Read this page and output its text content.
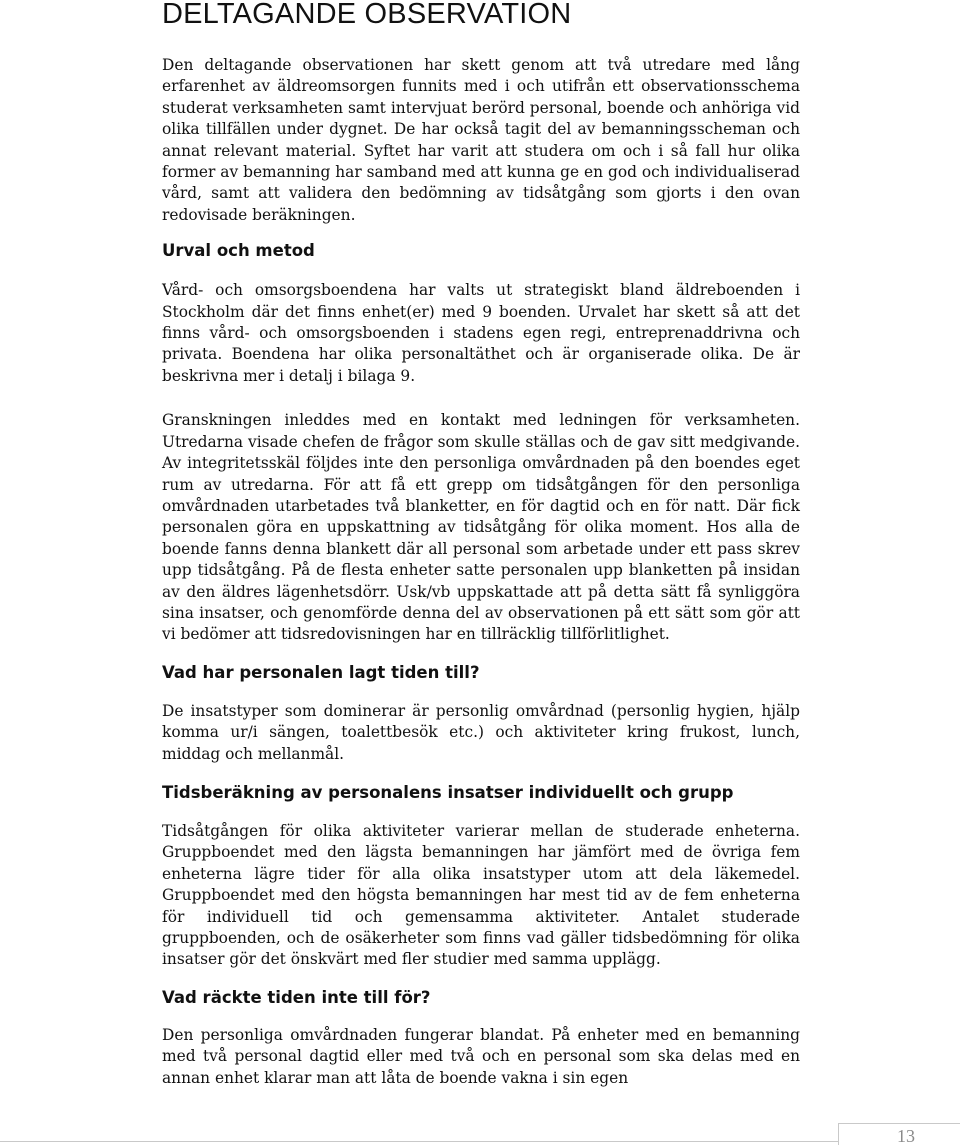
DELTAGANDE OBSERVATION

Den deltagande observationen har skett genom att två utredare med lång erfarenhet av äldreomsorgen funnits med i och utifrån ett observationsschema studerat verksamheten samt intervjuat berörd personal, boende och anhöriga vid olika tillfällen under dygnet. De har också tagit del av bemanningsscheman och annat relevant material. Syftet har varit att studera om och i så fall hur olika former av bemanning har samband med att kunna ge en god och individualiserad vård, samt att validera den bedömning av tidsåtgång som gjorts i den ovan redovisade beräkningen.

Urval och metod

Vård- och omsorgsboendena har valts ut strategiskt bland äldreboenden i Stockholm där det finns enhet(er) med 9 boenden. Urvalet har skett så att det finns vård- och omsorgsboenden i stadens egen regi, entreprenaddrivna och privata. Boendena har olika personaltäthet och är organiserade olika. De är beskrivna mer i detalj i bilaga 9.

Granskningen inleddes med en kontakt med ledningen för verksamheten. Utredarna visade chefen de frågor som skulle ställas och de gav sitt medgivande. Av integritetsskäl följdes inte den personliga omvårdnaden på den boendes eget rum av utredarna. För att få ett grepp om tidsåtgången för den personliga omvårdnaden utarbetades två blanketter, en för dagtid och en för natt. Där fick personalen göra en uppskattning av tidsåtgång för olika moment. Hos alla de boende fanns denna blankett där all personal som arbetade under ett pass skrev upp tidsåtgång. På de flesta enheter satte personalen upp blanketten på insidan av den äldres lägenhetsdörr. Usk/vb uppskattade att på detta sätt få synliggöra sina insatser, och genomförde denna del av observationen på ett sätt som gör att vi bedömer att tidsredovisningen har en tillräcklig tillförlitlighet.

Vad har personalen lagt tiden till?

De insatstyper som dominerar är personlig omvårdnad (personlig hygien, hjälp komma ur/i sängen, toalettbesök etc.) och aktiviteter kring frukost, lunch, middag och mellanmål.

Tidsberäkning av personalens insatser individuellt och grupp

Tidsåtgången för olika aktiviteter varierar mellan de studerade enheterna. Gruppboendet med den lägsta bemanningen har jämfört med de övriga fem enheterna lägre tider för alla olika insatstyper utom att dela läkemedel. Gruppboendet med den högsta bemanningen har mest tid av de fem enheterna för individuell tid och gemensamma aktiviteter. Antalet studerade gruppboenden, och de osäkerheter som finns vad gäller tidsbedömning för olika insatser gör det önskvärt med fler studier med samma upplägg.

Vad räckte tiden inte till för?

Den personliga omvårdnaden fungerar blandat. På enheter med en bemanning med två personal dagtid eller med två och en personal som ska delas med en annan enhet klarar man att låta de boende vakna i sin egen

13
